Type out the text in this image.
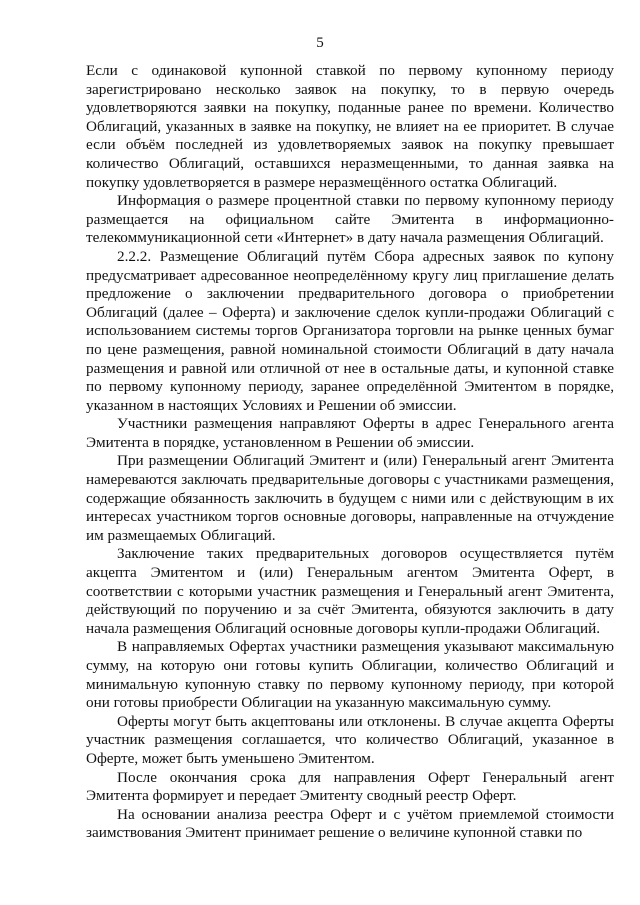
5

Если с одинаковой купонной ставкой по первому купонному периоду зарегистрировано несколько заявок на покупку, то в первую очередь удовлетворяются заявки на покупку, поданные ранее по времени. Количество Облигаций, указанных в заявке на покупку, не влияет на ее приоритет. В случае если объём последней из удовлетворяемых заявок на покупку превышает количество Облигаций, оставшихся неразмещенными, то данная заявка на покупку удовлетворяется в размере неразмещённого остатка Облигаций.

Информация о размере процентной ставки по первому купонному периоду размещается на официальном сайте Эмитента в информационно-телекоммуникационной сети «Интернет» в дату начала размещения Облигаций.

2.2.2. Размещение Облигаций путём Сбора адресных заявок по купону предусматривает адресованное неопределённому кругу лиц приглашение делать предложение о заключении предварительного договора о приобретении Облигаций (далее – Оферта) и заключение сделок купли-продажи Облигаций с использованием системы торгов Организатора торговли на рынке ценных бумаг по цене размещения, равной номинальной стоимости Облигаций в дату начала размещения и равной или отличной от нее в остальные даты, и купонной ставке по первому купонному периоду, заранее определённой Эмитентом в порядке, указанном в настоящих Условиях и Решении об эмиссии.

Участники размещения направляют Оферты в адрес Генерального агента Эмитента в порядке, установленном в Решении об эмиссии.

При размещении Облигаций Эмитент и (или) Генеральный агент Эмитента намереваются заключать предварительные договоры с участниками размещения, содержащие обязанность заключить в будущем с ними или с действующим в их интересах участником торгов основные договоры, направленные на отчуждение им размещаемых Облигаций.

Заключение таких предварительных договоров осуществляется путём акцепта Эмитентом и (или) Генеральным агентом Эмитента Оферт, в соответствии с которыми участник размещения и Генеральный агент Эмитента, действующий по поручению и за счёт Эмитента, обязуются заключить в дату начала размещения Облигаций основные договоры купли-продажи Облигаций.

В направляемых Офертах участники размещения указывают максимальную сумму, на которую они готовы купить Облигации, количество Облигаций и минимальную купонную ставку по первому купонному периоду, при которой они готовы приобрести Облигации на указанную максимальную сумму.

Оферты могут быть акцептованы или отклонены. В случае акцепта Оферты участник размещения соглашается, что количество Облигаций, указанное в Оферте, может быть уменьшено Эмитентом.

После окончания срока для направления Оферт Генеральный агент Эмитента формирует и передает Эмитенту сводный реестр Оферт.

На основании анализа реестра Оферт и с учётом приемлемой стоимости заимствования Эмитент принимает решение о величине купонной ставки по
